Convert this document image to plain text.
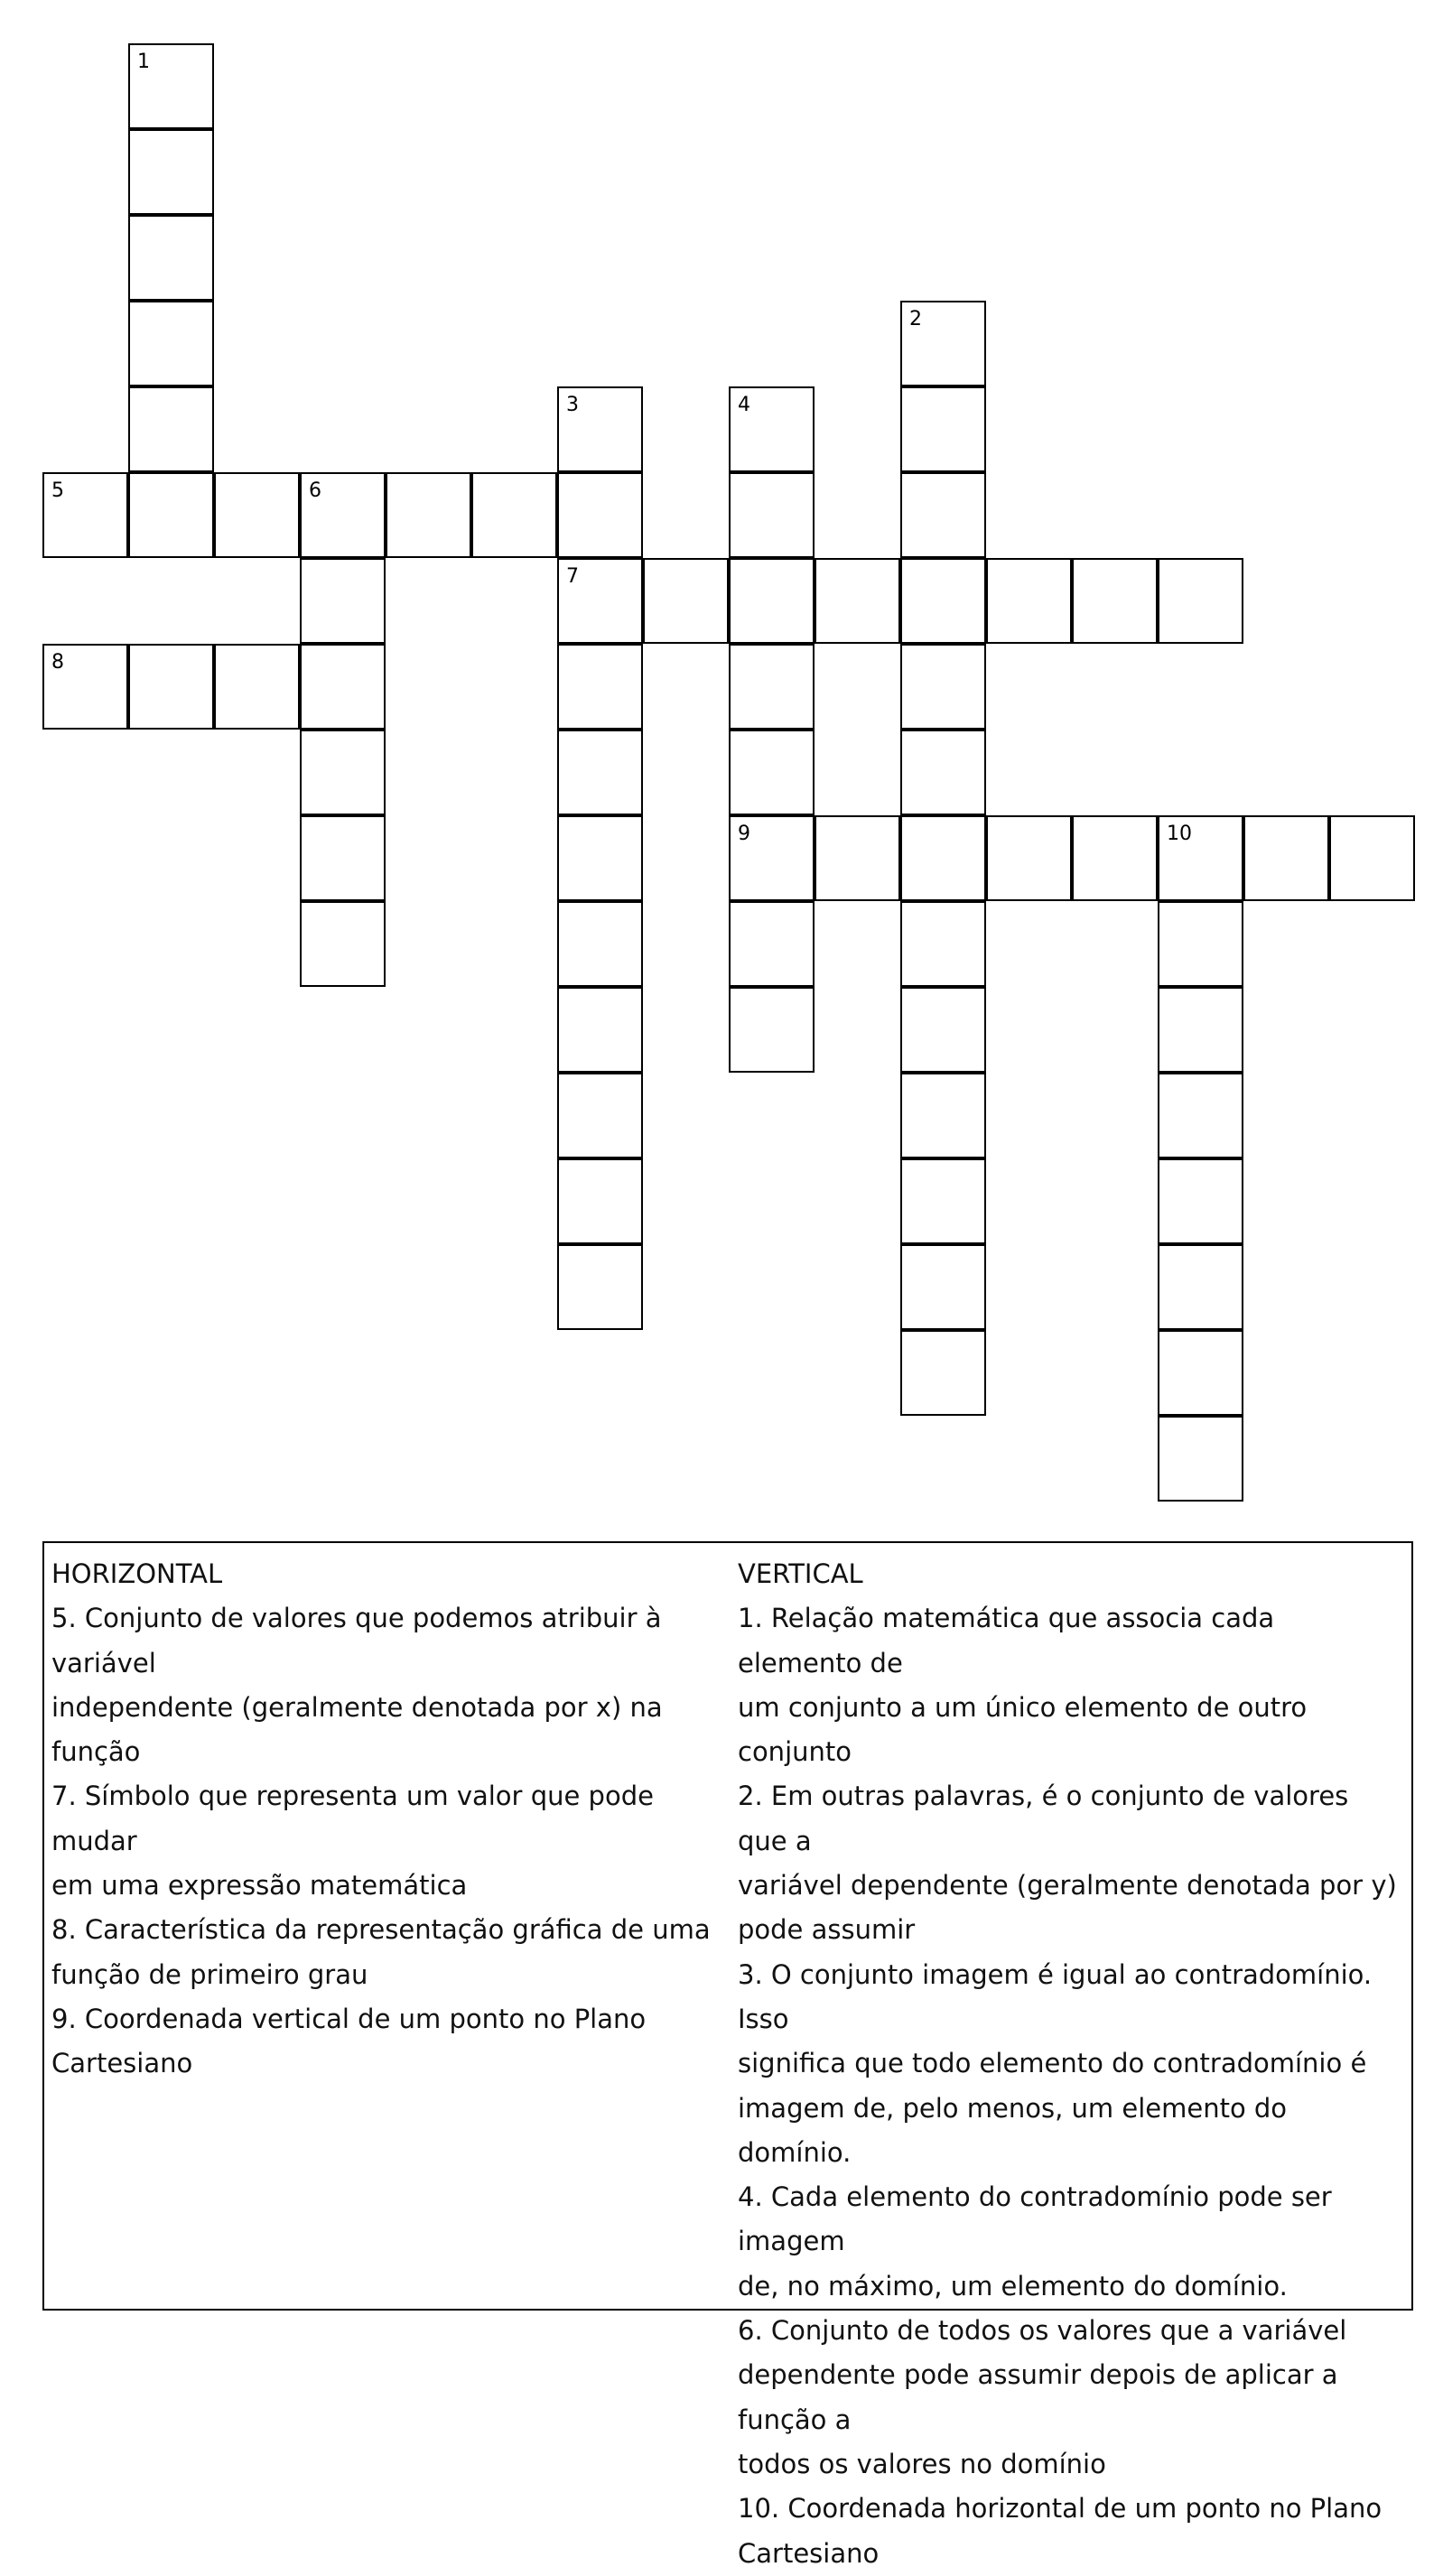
1
2
3	4
5	6
7
8
9	10
HORIZONTAL
5. Conjunto de valores que podemos atribuir à variável
independente (geralmente denotada por x) na função
7. Símbolo que representa um valor que pode mudar
em uma expressão matemática
8. Característica da representação gráfica de uma
função de primeiro grau
9. Coordenada vertical de um ponto no Plano
Cartesiano
VERTICAL
1. Relação matemática que associa cada elemento de
um conjunto a um único elemento de outro conjunto
2. Em outras palavras, é o conjunto de valores que a
variável dependente (geralmente denotada por y)
pode assumir
3. O conjunto imagem é igual ao contradomínio. Isso
significa que todo elemento do contradomínio é
imagem de, pelo menos, um elemento do domínio.
4. Cada elemento do contradomínio pode ser imagem
de, no máximo, um elemento do domínio.
6. Conjunto de todos os valores que a variável
dependente pode assumir depois de aplicar a função a
todos os valores no domínio
10. Coordenada horizontal de um ponto no Plano
Cartesiano
